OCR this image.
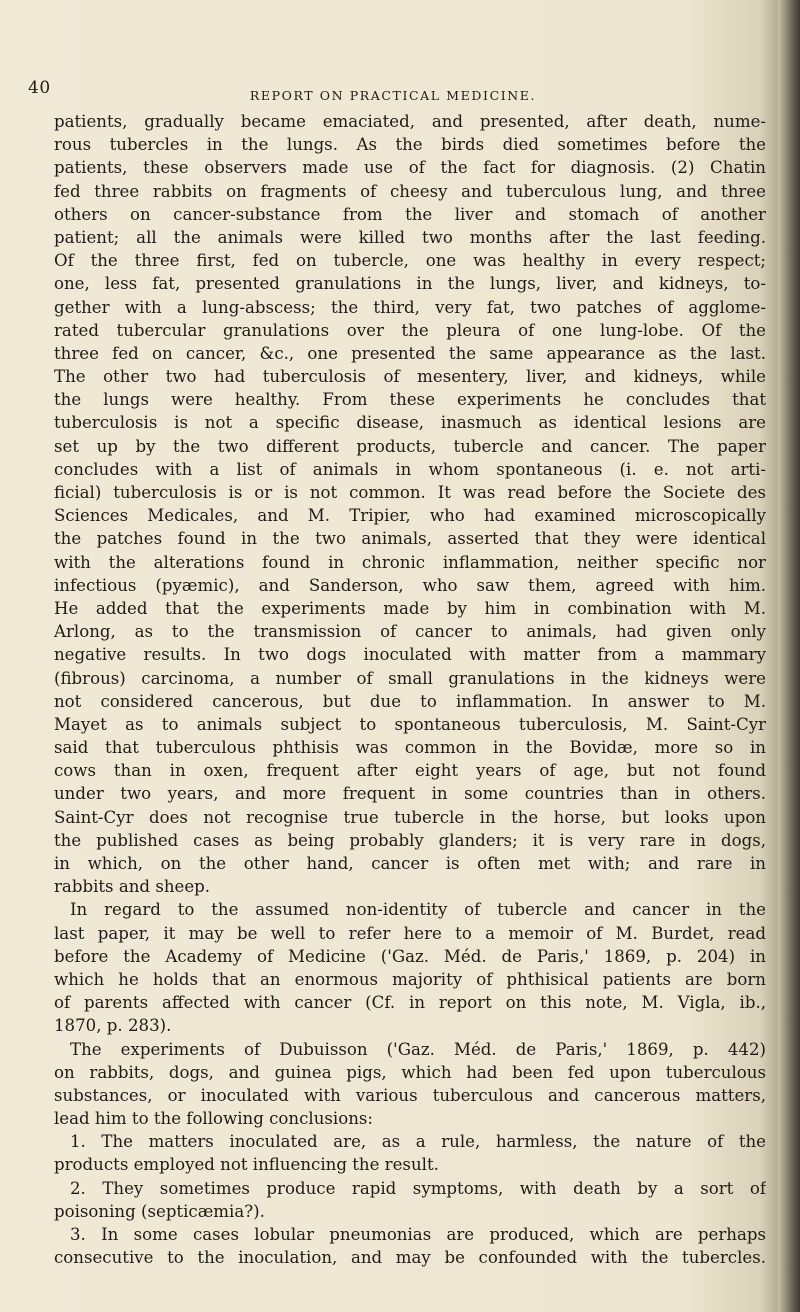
40	REPORT ON PRACTICAL MEDICINE.
patients, gradually became emaciated, and presented, after death, nume-
rous tubercles in the lungs. As the birds died sometimes before the
patients, these observers made use of the fact for diagnosis. (2) Chatin
fed three rabbits on fragments of cheesy and tuberculous lung, and three
others on cancer-substance from the liver and stomach of another
patient; all the animals were killed two months after the last feeding.
Of the three first, fed on tubercle, one was healthy in every respect;
one, less fat, presented granulations in the lungs, liver, and kidneys, to-
gether with a lung-abscess; the third, very fat, two patches of agglome-
rated tubercular granulations over the pleura of one lung-lobe. Of the
three fed on cancer, &c., one presented the same appearance as the last.
The other two had tuberculosis of mesentery, liver, and kidneys, while
the lungs were healthy. From these experiments he concludes that
tuberculosis is not a specific disease, inasmuch as identical lesions are
set up by the two different products, tubercle and cancer. The paper
concludes with a list of animals in whom spontaneous (i. e. not arti-
ficial) tuberculosis is or is not common. It was read before the Societe des
Sciences Medicales, and M. Tripier, who had examined microscopically
the patches found in the two animals, asserted that they were identical
with the alterations found in chronic inflammation, neither specific nor
infectious (pyæmic), and Sanderson, who saw them, agreed with him.
He added that the experiments made by him in combination with M.
Arlong, as to the transmission of cancer to animals, had given only
negative results. In two dogs inoculated with matter from a mammary
(fibrous) carcinoma, a number of small granulations in the kidneys were
not considered cancerous, but due to inflammation. In answer to M.
Mayet as to animals subject to spontaneous tuberculosis, M. Saint-Cyr
said that tuberculous phthisis was common in the Bovidæ, more so in
cows than in oxen, frequent after eight years of age, but not found
under two years, and more frequent in some countries than in others.
Saint-Cyr does not recognise true tubercle in the horse, but looks upon
the published cases as being probably glanders; it is very rare in dogs,
in which, on the other hand, cancer is often met with; and rare in
rabbits and sheep.
In regard to the assumed non-identity of tubercle and cancer in the
last paper, it may be well to refer here to a memoir of M. Burdet, read
before the Academy of Medicine ('Gaz. Méd. de Paris,' 1869, p. 204) in
which he holds that an enormous majority of phthisical patients are born
of parents affected with cancer (Cf. in report on this note, M. Vigla, ib.,
1870, p. 283).
The experiments of Dubuisson ('Gaz. Méd. de Paris,' 1869, p. 442)
on rabbits, dogs, and guinea pigs, which had been fed upon tuberculous
substances, or inoculated with various tuberculous and cancerous matters,
lead him to the following conclusions:
1. The matters inoculated are, as a rule, harmless, the nature of the
products employed not influencing the result.
2. They sometimes produce rapid symptoms, with death by a sort of
poisoning (septicæmia?).
3. In some cases lobular pneumonias are produced, which are perhaps
consecutive to the inoculation, and may be confounded with the tubercles.
